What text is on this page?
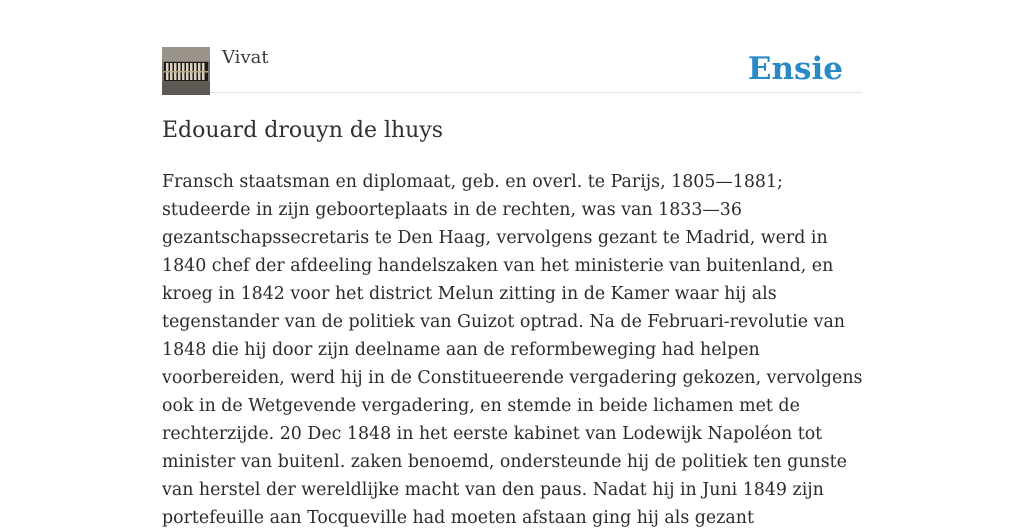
Vivat	Ensie
Edouard drouyn de lhuys

Fransch staatsman en diplomaat, geb. en overl. te Parijs, 1805—1881; studeerde in zijn geboorteplaats in de rechten, was van 1833—36 gezantschapssecretaris te Den Haag, vervolgens gezant te Madrid, werd in 1840 chef der afdeeling handelszaken van het ministerie van buitenland, en kroeg in 1842 voor het district Melun zitting in de Kamer waar hij als tegenstander van de politiek van Guizot optrad. Na de Februari-revolutie van 1848 die hij door zijn deelname aan de reformbeweging had helpen voorbereiden, werd hij in de Constitueerende vergadering gekozen, vervolgens ook in de Wetgevende vergadering, en stemde in beide lichamen met de rechterzijde. 20 Dec 1848 in het eerste kabinet van Lodewijk Napoléon tot minister van buitenl. zaken benoemd, ondersteunde hij de politiek ten gunste van herstel der wereldlijke macht van den paus. Nadat hij in Juni 1849 zijn portefeuille aan Tocqueville had moeten afstaan ging hij als gezant
